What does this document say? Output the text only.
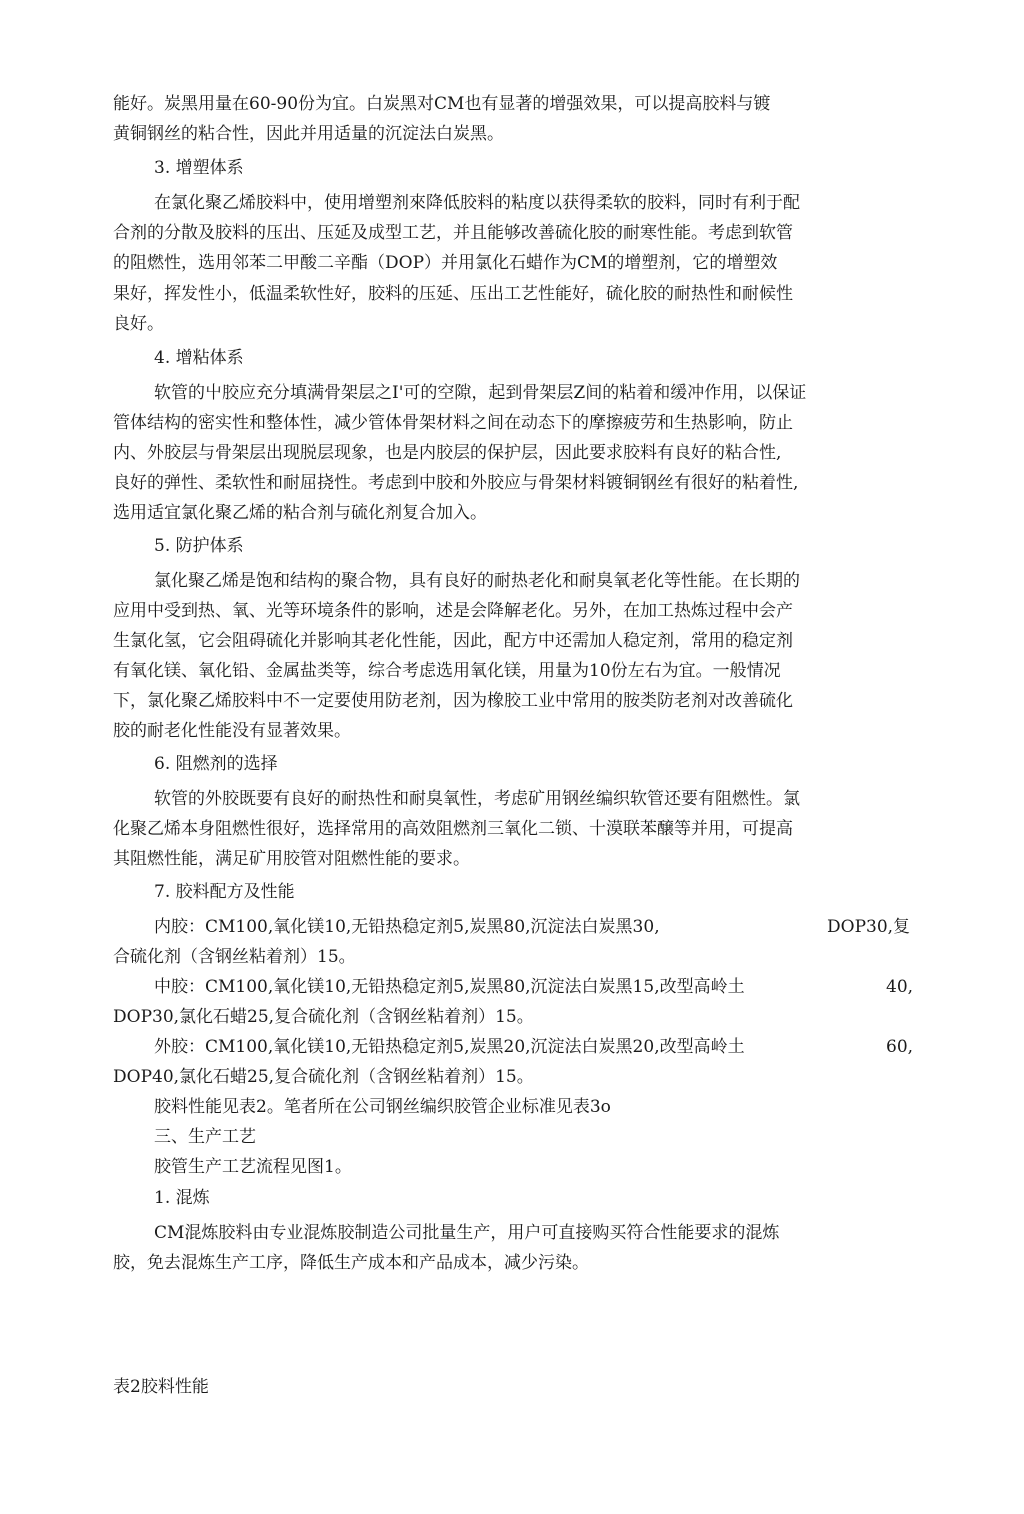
能好。炭黑用量在60-90份为宜。白炭黑对CM也有显著的增强效果，可以提高胶料与镀
黄铜钢丝的粘合性，因此并用适量的沉淀法白炭黑。
3. 增塑体系
在氯化聚乙烯胶料中，使用增塑剂來降低胶料的粘度以获得柔软的胶料，同时有利于配
合剂的分散及胶料的压出、压延及成型工艺，并且能够改善硫化胶的耐寒性能。考虑到软管
的阻燃性，选用邻苯二甲酸二辛酯（DOP）并用氯化石蜡作为CM的增塑剂，它的增塑效
果好，挥发性小，低温柔软性好，胶料的压延、压出工艺性能好，硫化胶的耐热性和耐候性
良好。
4. 增粘体系
软管的屮胶应充分填满骨架层之I'可的空隙，起到骨架层Z间的粘着和缓冲作用，以保证
管体结构的密实性和整体性，减少管体骨架材料之间在动态下的摩擦疲劳和生热影响，防止
内、外胶层与骨架层出现脱层现象，也是内胶层的保护层，因此要求胶料有良好的粘合性,
良好的弹性、柔软性和耐屈挠性。考虑到中胶和外胶应与骨架材料镀铜钢丝有很好的粘着性,
选用适宜氯化聚乙烯的粘合剂与硫化剂复合加入。
5. 防护体系
氯化聚乙烯是饱和结构的聚合物，具有良好的耐热老化和耐臭氧老化等性能。在长期的
应用中受到热、氧、光等环境条件的影响，述是会降解老化。另外，在加工热炼过程中会产
生氯化氢，它会阻碍硫化并影响其老化性能，因此，配方中还需加人稳定剂，常用的稳定剂
有氧化镁、氧化铅、金属盐类等，综合考虑选用氧化镁，用量为10份左右为宜。一般情况
下，氯化聚乙烯胶料中不一定要使用防老剂，因为橡胶工业中常用的胺类防老剂对改善硫化
胶的耐老化性能没有显著效果。
6. 阻燃剂的选择
软管的外胶既要有良好的耐热性和耐臭氧性，考虑矿用钢丝编织软管还要有阻燃性。氯
化聚乙烯本身阻燃性很好，选择常用的高效阻燃剂三氧化二锁、十漠联苯醸等并用，可提高
其阻燃性能，满足矿用胶管对阻燃性能的要求。
7. 胶料配方及性能
内胶：CM100,氧化镁10,无铅热稳定剂5,炭黑80,沉淀法白炭黑30,	DOP30,复
合硫化剂（含钢丝粘着剂）15。
中胶：CM100,氧化镁10,无铅热稳定剂5,炭黑80,沉淀法白炭黑15,改型高岭土	40,
DOP30,氯化石蜡25,复合硫化剂（含钢丝粘着剂）15。
外胶：CM100,氧化镁10,无铅热稳定剂5,炭黑20,沉淀法白炭黑20,改型高岭土	60,
DOP40,氯化石蜡25,复合硫化剂（含钢丝粘着剂）15。
胶料性能见表2。笔者所在公司钢丝编织胶管企业标准见表3o
三、生产工艺
胶管生产工艺流程见图1。
1. 混炼
CM混炼胶料由专业混炼胶制造公司批量生产，用户可直接购买符合性能要求的混炼
胶，免去混炼生产工序，降低生产成本和产品成本，减少污染。
表2胶料性能
